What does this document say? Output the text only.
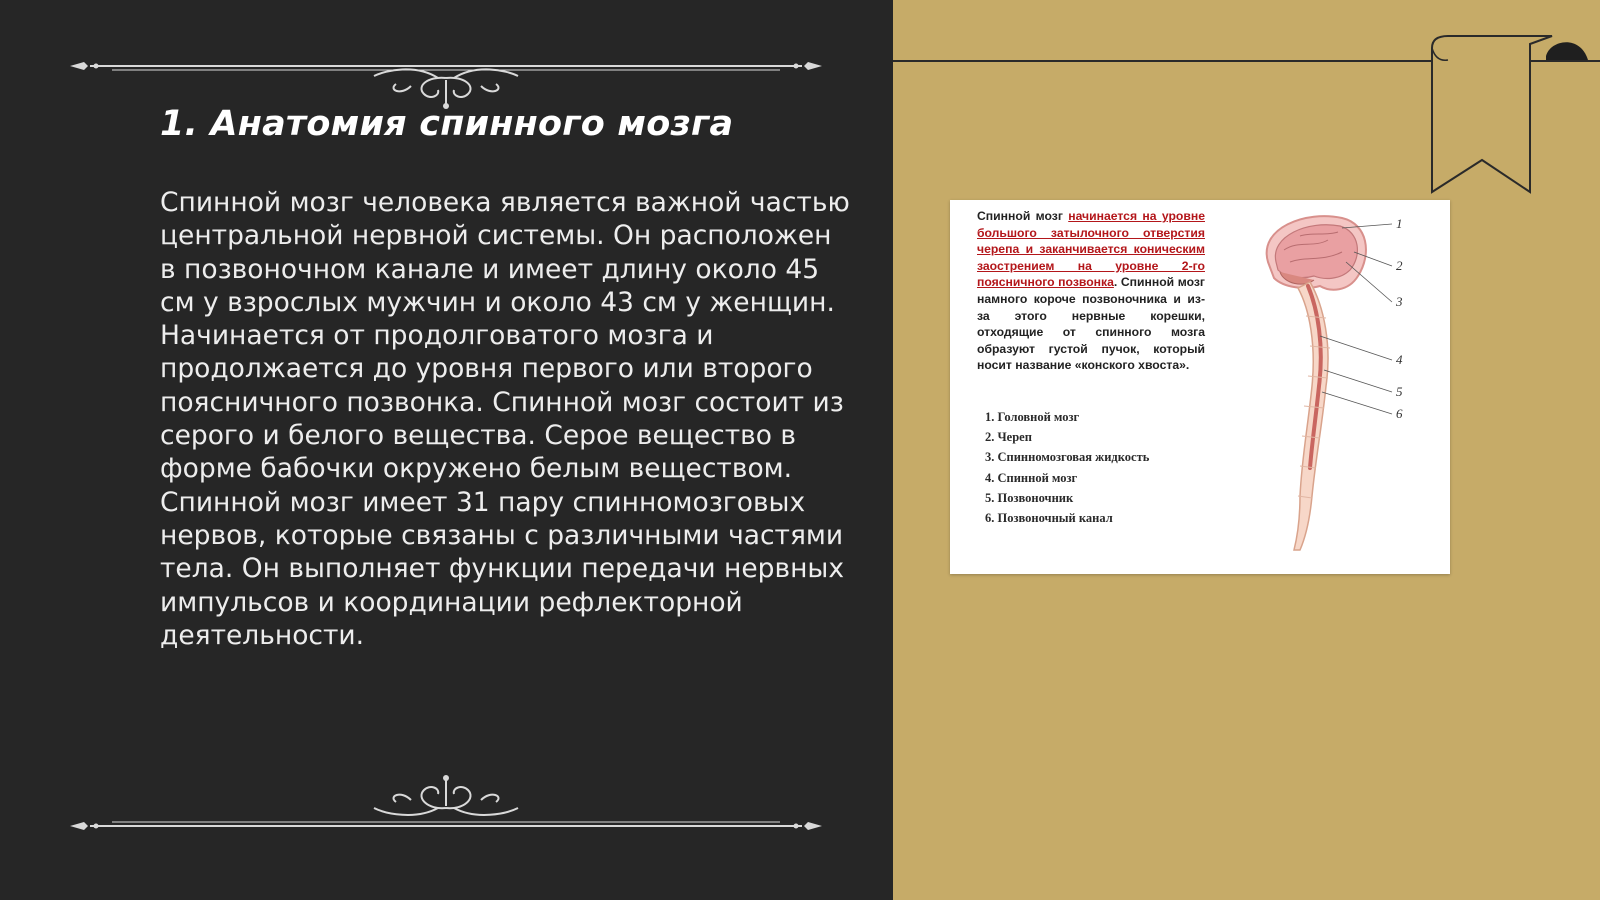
1. Анатомия спинного мозга

Спинной мозг человека является важной частью центральной нервной системы. Он расположен в позвоночном канале и имеет длину около 45 см у взрослых мужчин и около 43 см у женщин. Начинается от продолговатого мозга и продолжается до уровня первого или второго поясничного позвонка. Спинной мозг состоит из серого и белого вещества. Серое вещество в форме бабочки окружено белым веществом. Спинной мозг имеет 31 пару спинномозговых нервов, которые связаны с различными частями тела. Он выполняет функции передачи нервных импульсов и координации рефлекторной деятельности.

Спинной мозг начинается на уровне большого затылочного отверстия черепа и заканчивается коническим заострением на уровне 2-го поясничного позвонка. Спинной мозг намного короче позвоночника и из-за этого нервные корешки, отходящие от спинного мозга образуют густой пучок, который носит название «конского хвоста».

1. Головной мозг
2. Череп
3. Спинномозговая жидкость
4. Спинной мозг
5. Позвоночник
6. Позвоночный канал
1
2
3
4
5
6
